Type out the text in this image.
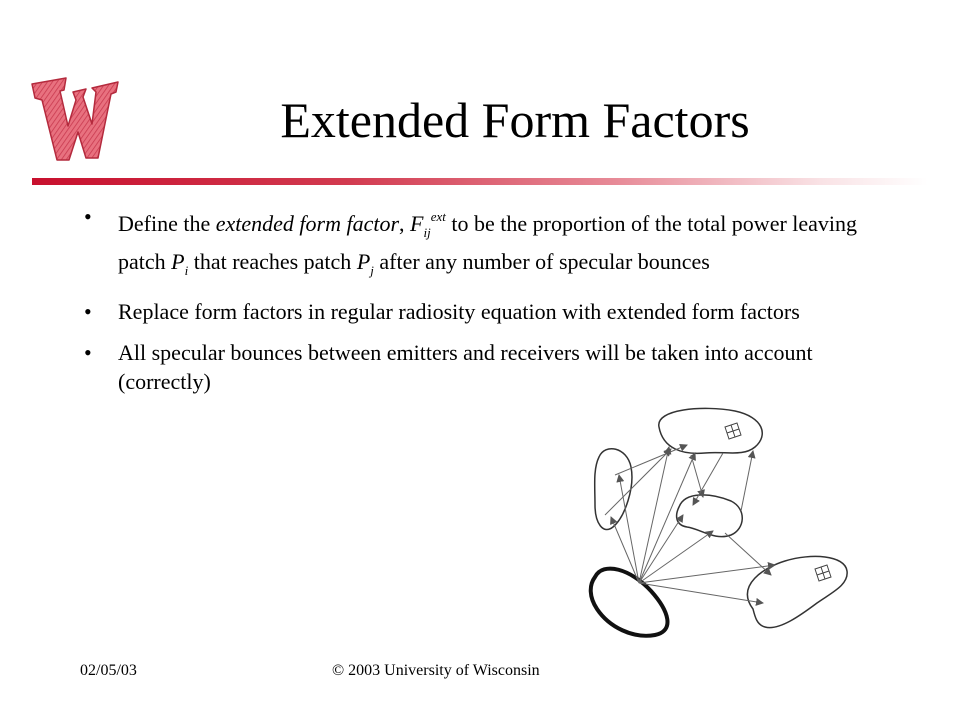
Extended Form Factors
• Define the extended form factor, $F_{ij}^{ext}$ to be the proportion of the total power leaving patch $P_i$ that reaches patch $P_j$ after any number of specular bounces
• Replace form factors in regular radiosity equation with extended form factors
• All specular bounces between emitters and receivers will be taken into account (correctly)
02/05/03	© 2003 University of Wisconsin
